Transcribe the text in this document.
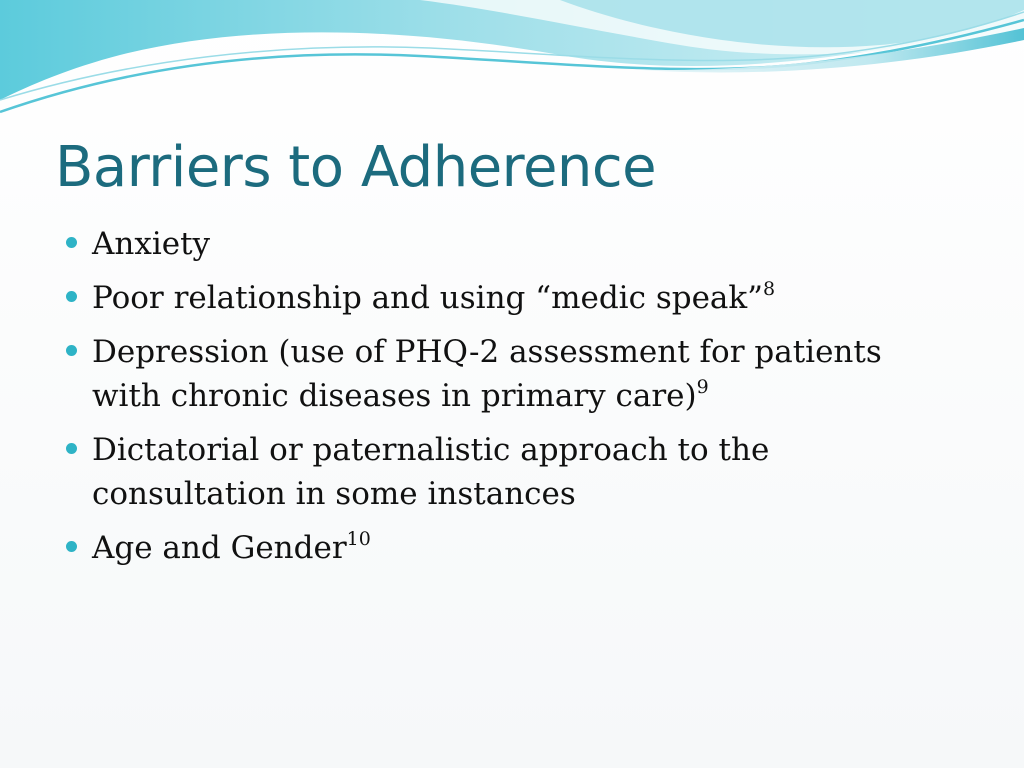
Barriers to Adherence
Anxiety
Poor relationship and using “medic speak”$^8$
Depression (use of PHQ-2 assessment for patients with chronic diseases in primary care)$^9$
Dictatorial or paternalistic approach to the consultation in some instances
Age and Gender$^{10}$
